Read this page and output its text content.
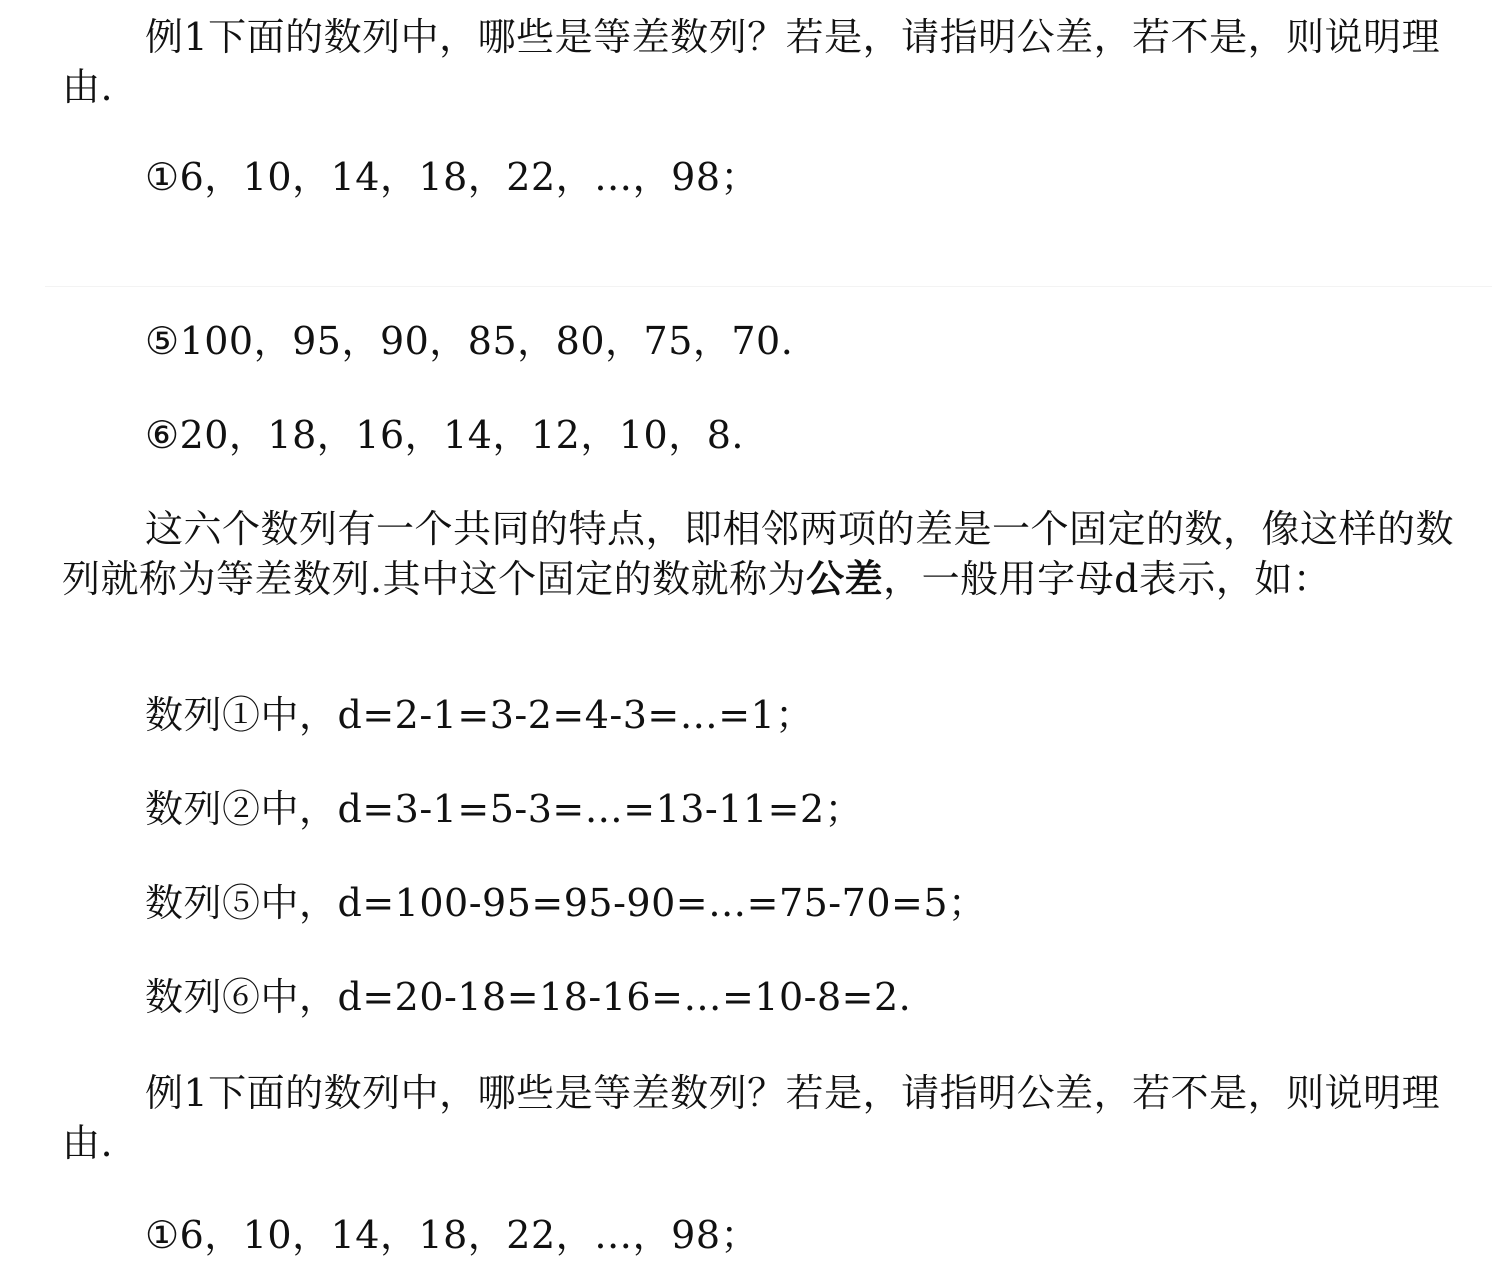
例1下面的数列中，哪些是等差数列？若是，请指明公差，若不是，则说明理由.

①6，10，14，18，22，…，98；

⑤100，95，90，85，80，75，70.

⑥20，18，16，14，12，10，8.

这六个数列有一个共同的特点，即相邻两项的差是一个固定的数，像这样的数列就称为等差数列.其中这个固定的数就称为公差，一般用字母d表示，如：

数列①中，d=2-1=3-2=4-3=…=1；

数列②中，d=3-1=5-3=…=13-11=2；

数列⑤中，d=100-95=95-90=…=75-70=5；

数列⑥中，d=20-18=18-16=…=10-8=2.

例1下面的数列中，哪些是等差数列？若是，请指明公差，若不是，则说明理由.

①6，10，14，18，22，…，98；
